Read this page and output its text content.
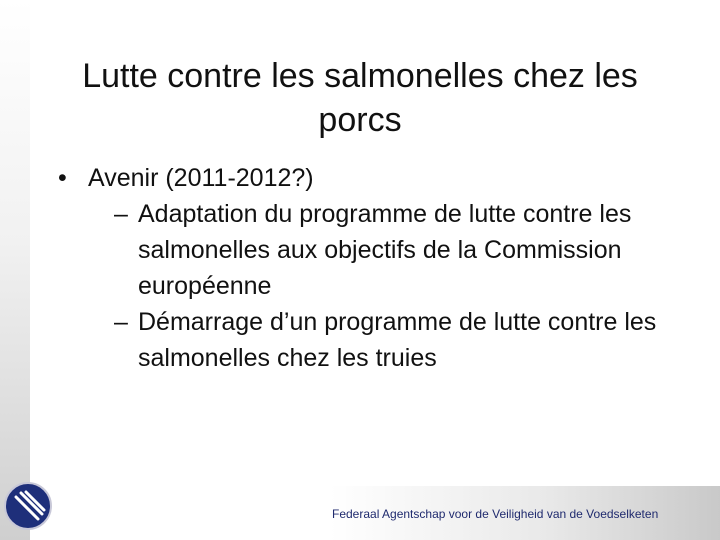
Lutte contre les salmonelles chez les porcs
• Avenir (2011-2012?)
– Adaptation du programme de lutte contre les salmonelles aux objectifs de la Commission européenne
– Démarrage d’un programme de lutte contre les salmonelles chez les truies
Federaal Agentschap voor de Veiligheid van de Voedselketen
